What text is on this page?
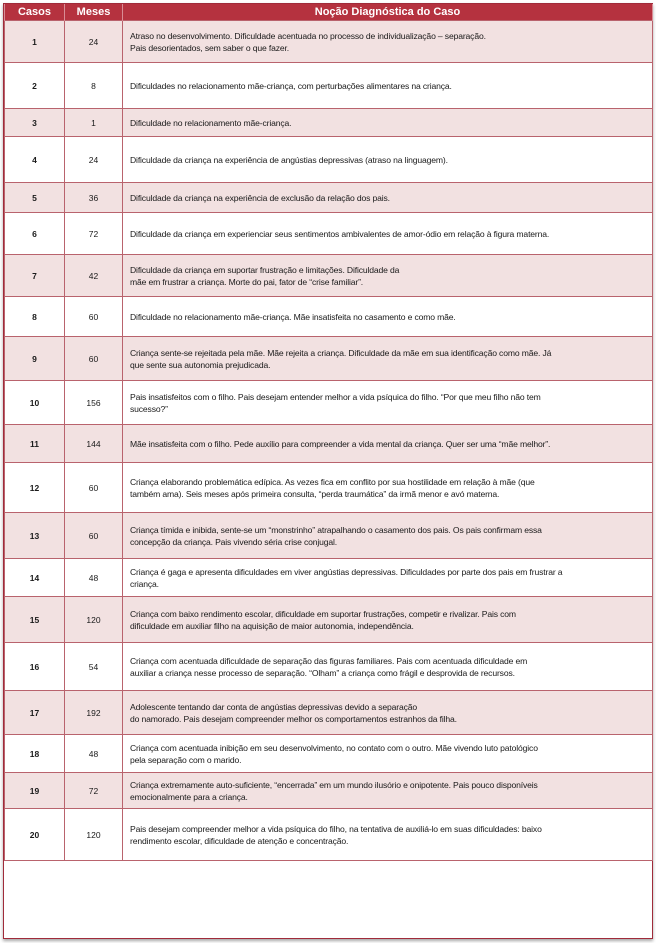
Casos	Meses	Noção Diagnóstica do Caso
1	24	Atraso no desenvolvimento. Dificuldade acentuada no processo de individualização – separação.
Pais desorientados, sem saber o que fazer.

2	8	Dificuldades no relacionamento mãe-criança, com perturbações alimentares na criança.

3	1	Dificuldade no relacionamento mãe-criança.

4	24	Dificuldade da criança na experiência de angústias depressivas (atraso na linguagem).

5	36	Dificuldade da criança na experiência de exclusão da relação dos pais.

6	72	Dificuldade da criança em experienciar seus sentimentos ambivalentes de amor-ódio em relação à figura materna.

7	42	Dificuldade da criança em suportar frustração e limitações. Dificuldade da
mãe em frustrar a criança. Morte do pai, fator de “crise familiar”.

8	60	Dificuldade no relacionamento mãe-criança. Mãe insatisfeita no casamento e como mãe.

9	60	Criança sente-se rejeitada pela mãe. Mãe rejeita a criança. Dificuldade da mãe em sua identificação como mãe. Já
que sente sua autonomia prejudicada.

10	156	Pais insatisfeitos com o filho. Pais desejam entender melhor a vida psíquica do filho. “Por que meu filho não tem
sucesso?”

11	144	Mãe insatisfeita com o filho. Pede auxílio para compreender a vida mental da criança. Quer ser uma “mãe melhor”.

12	60	Criança elaborando problemática edípica. As vezes fica em conflito por sua hostilidade em relação à mãe (que
também ama). Seis meses após primeira consulta, “perda traumática” da irmã menor e avó materna.

13	60	Criança tímida e inibida, sente-se um “monstrinho” atrapalhando o casamento dos pais. Os pais confirmam essa
concepção da criança. Pais vivendo séria crise conjugal.

14	48	Criança é gaga e apresenta dificuldades em viver angústias depressivas. Dificuldades por parte dos pais em frustrar a
criança.

15	120	Criança com baixo rendimento escolar, dificuldade em suportar frustrações, competir e rivalizar. Pais com
dificuldade em auxiliar filho na aquisição de maior autonomia, independência.

16	54	Criança com acentuada dificuldade de separação das figuras familiares. Pais com acentuada dificuldade em
auxiliar a criança nesse processo de separação. “Olham” a criança como frágil e desprovida de recursos.

17	192	Adolescente tentando dar conta de angústias depressivas devido a separação
do namorado. Pais desejam compreender melhor os comportamentos estranhos da filha.

18	48	Criança com acentuada inibição em seu desenvolvimento, no contato com o outro. Mãe vivendo luto patológico
pela separação com o marido.

19	72	Criança extremamente auto-suficiente, “encerrada” em um mundo ilusório e onipotente. Pais pouco disponíveis
emocionalmente para a criança.

20	120	Pais desejam compreender melhor a vida psíquica do filho, na tentativa de auxiliá-lo em suas dificuldades: baixo
rendimento escolar, dificuldade de atenção e concentração.
